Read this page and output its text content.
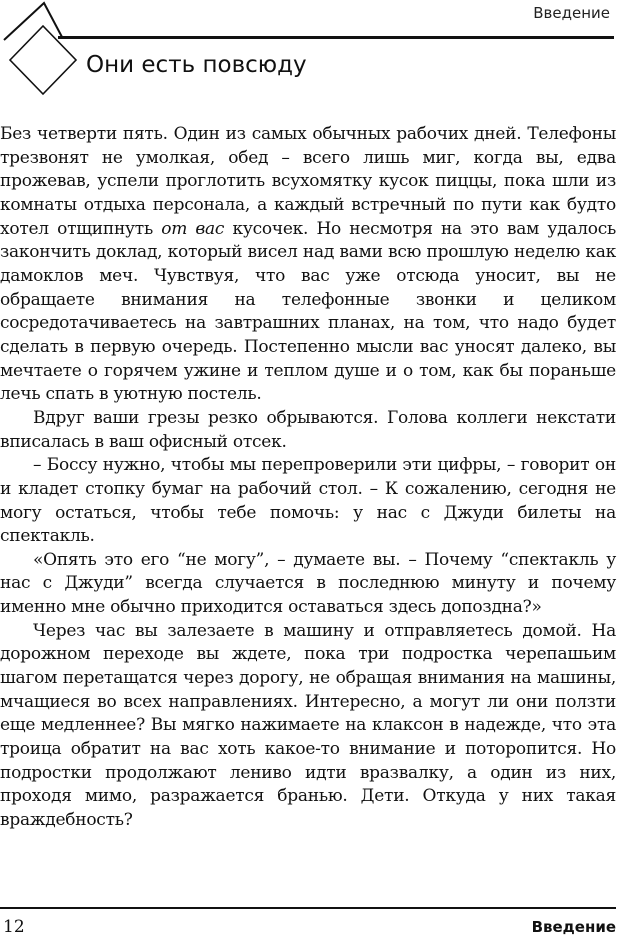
Введение
Они есть повсюду

Без четверти пять. Один из самых обычных рабочих дней. Телефоны трезвонят не умолкая, обед – всего лишь миг, когда вы, едва прожевав, успели проглотить всухомятку кусок пиццы, пока шли из комнаты отдыха персонала, а каждый встречный по пути как будто хотел отщипнуть от вас кусочек. Но несмотря на это вам удалось закончить доклад, который висел над вами всю прошлую неделю как дамоклов меч. Чувствуя, что вас уже отсюда уносит, вы не обращаете внимания на телефонные звонки и целиком сосредотачиваетесь на завтрашних планах, на том, что надо будет сделать в первую очередь. Постепенно мысли вас уносят далеко, вы мечтаете о горячем ужине и теплом душе и о том, как бы пораньше лечь спать в уютную постель.

Вдруг ваши грезы резко обрываются. Голова коллеги некстати вписалась в ваш офисный отсек.

– Боссу нужно, чтобы мы перепроверили эти цифры, – говорит он и кладет стопку бумаг на рабочий стол. – К сожалению, сегодня не могу остаться, чтобы тебе помочь: у нас с Джуди билеты на спектакль.

«Опять это его “не могу”, – думаете вы. – Почему “спектакль у нас с Джуди” всегда случается в последнюю минуту и почему именно мне обычно приходится оставаться здесь допоздна?»

Через час вы залезаете в машину и отправляетесь домой. На дорожном переходе вы ждете, пока три подростка черепашьим шагом перетащатся через дорогу, не обращая внимания на машины, мчащиеся во всех направлениях. Интересно, а могут ли они ползти еще медленнее? Вы мягко нажимаете на клаксон в надежде, что эта троица обратит на вас хоть какое-то внимание и поторопится. Но подростки продолжают лениво идти вразвалку, а один из них, проходя мимо, разражается бранью. Дети. Откуда у них такая враждебность?

12	Введение
